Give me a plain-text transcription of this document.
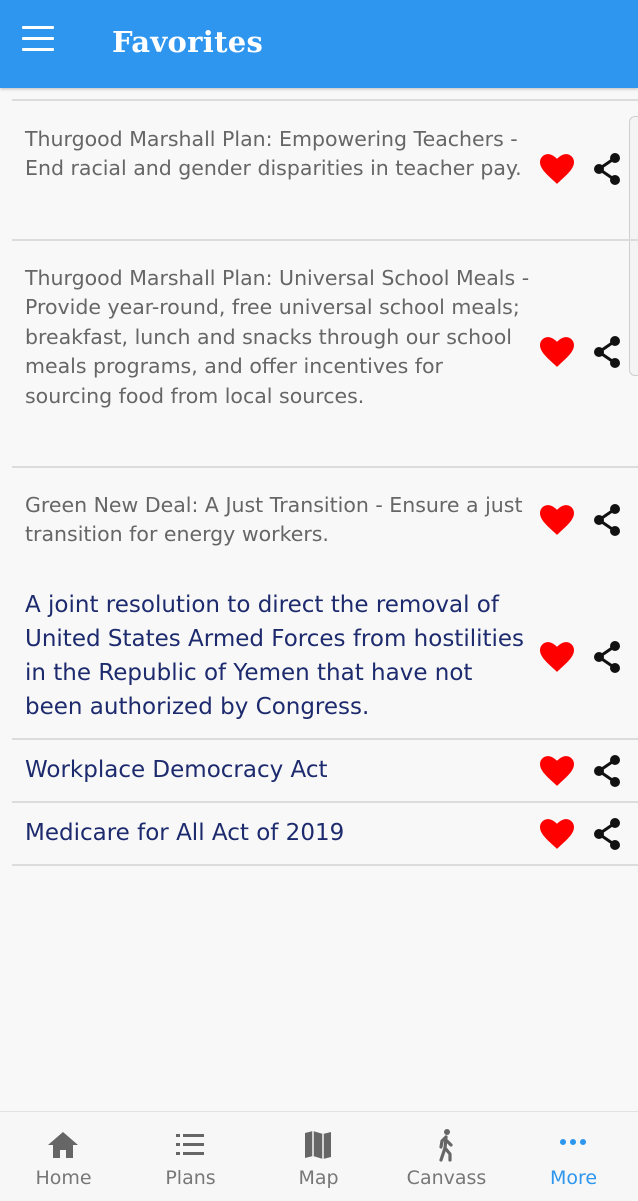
Favorites

Thurgood Marshall Plan: Empowering Teachers - End racial and gender disparities in teacher pay.

Thurgood Marshall Plan: Universal School Meals - Provide year-round, free universal school meals; breakfast, lunch and snacks through our school meals programs, and offer incentives for sourcing food from local sources.

Green New Deal: A Just Transition - Ensure a just transition for energy workers.

A joint resolution to direct the removal of United States Armed Forces from hostilities in the Republic of Yemen that have not been authorized by Congress.

Workplace Democracy Act

Medicare for All Act of 2019

Home	Plans	Map	Canvass	More
